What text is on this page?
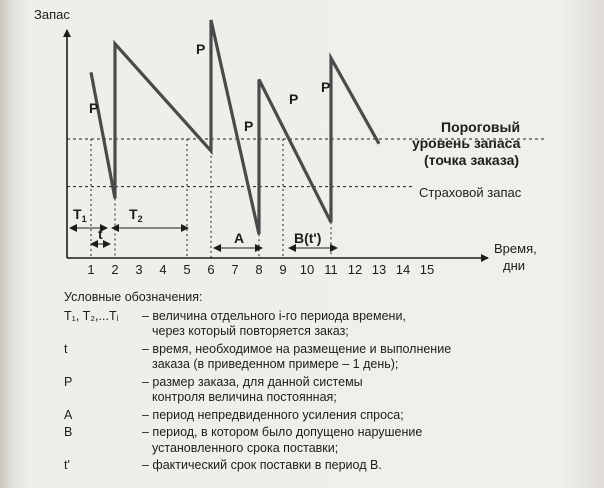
Запас
Время,
дни
1 2 3 4 5 6 7 8 9 10 11 12 13 14 15
Пороговый
уровень запаса
(точка заказа)
Страховой запас
P
P
P
P
P
$T_1$	$T_2$
t	A	B(t')
Условные обозначения:
T₁, T₂,...Tᵢ	– величина отдельного i-го периода времени,
через который повторяется заказ;
t	– время, необходимое на размещение и выполнение
заказа (в приведенном примере – 1 день);
P	– размер заказа, для данной системы
контроля величина постоянная;
A	– период непредвиденного усиления спроса;
B	– период, в котором было допущено нарушение
установленного срока поставки;
t'	– фактический срок поставки в период B.
